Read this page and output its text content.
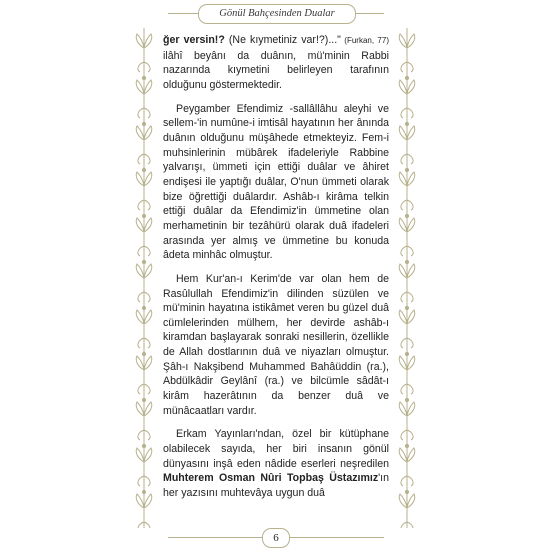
Gönül Bahçesinden Dualar

ğer versin!? (Ne kıymetiniz var!?)..." (Furkan, 77) ilâhî beyânı da duânın, mü'minin Rabbi nazarında kıymetini belirleyen tarafının olduğunu göstermektedir.

Peygamber Efendimiz -sallâllâhu aleyhi ve sellem-'in numûne-i imtisâl hayatının her ânında duânın olduğunu müşâhede etmekteyiz. Fem-i muhsinlerinin mübârek ifadeleriyle Rabbine yalvarışı, ümmeti için ettiği duâlar ve âhiret endişesi ile yaptığı duâlar, O'nun ümmeti olarak bize öğrettiği duâlardır. Ashâb-ı kirâma telkin ettiği duâlar da Efendimiz'in ümmetine olan merhametinin bir tezâhürü olarak duâ ifadeleri arasında yer almış ve ümmetine bu konuda âdeta minhâc olmuştur.

Hem Kur'an-ı Kerim'de var olan hem de Rasûlullah Efendimiz'in dilinden süzülen ve mü'minin hayatına istikâmet veren bu güzel duâ cümlelerinden mülhem, her devirde ashâb-ı kiramdan başlayarak sonraki nesillerin, özellikle de Allah dostlarının duâ ve niyazları olmuştur. Şâh-ı Nakşibend Muhammed Bahâüddin (ra.), Abdülkâdir Geylânî (ra.) ve bilcümle sâdât-ı kirâm hazerâtının da benzer duâ ve münâcaatları vardır.

Erkam Yayınları'ndan, özel bir kütüphane olabilecek sayıda, her biri insanın gönül dünyasını inşâ eden nâdide eserleri neşredilen Muhterem Osman Nûri Topbaş Üstazımız'ın her yazısını muhtevâya uygun duâ

6
